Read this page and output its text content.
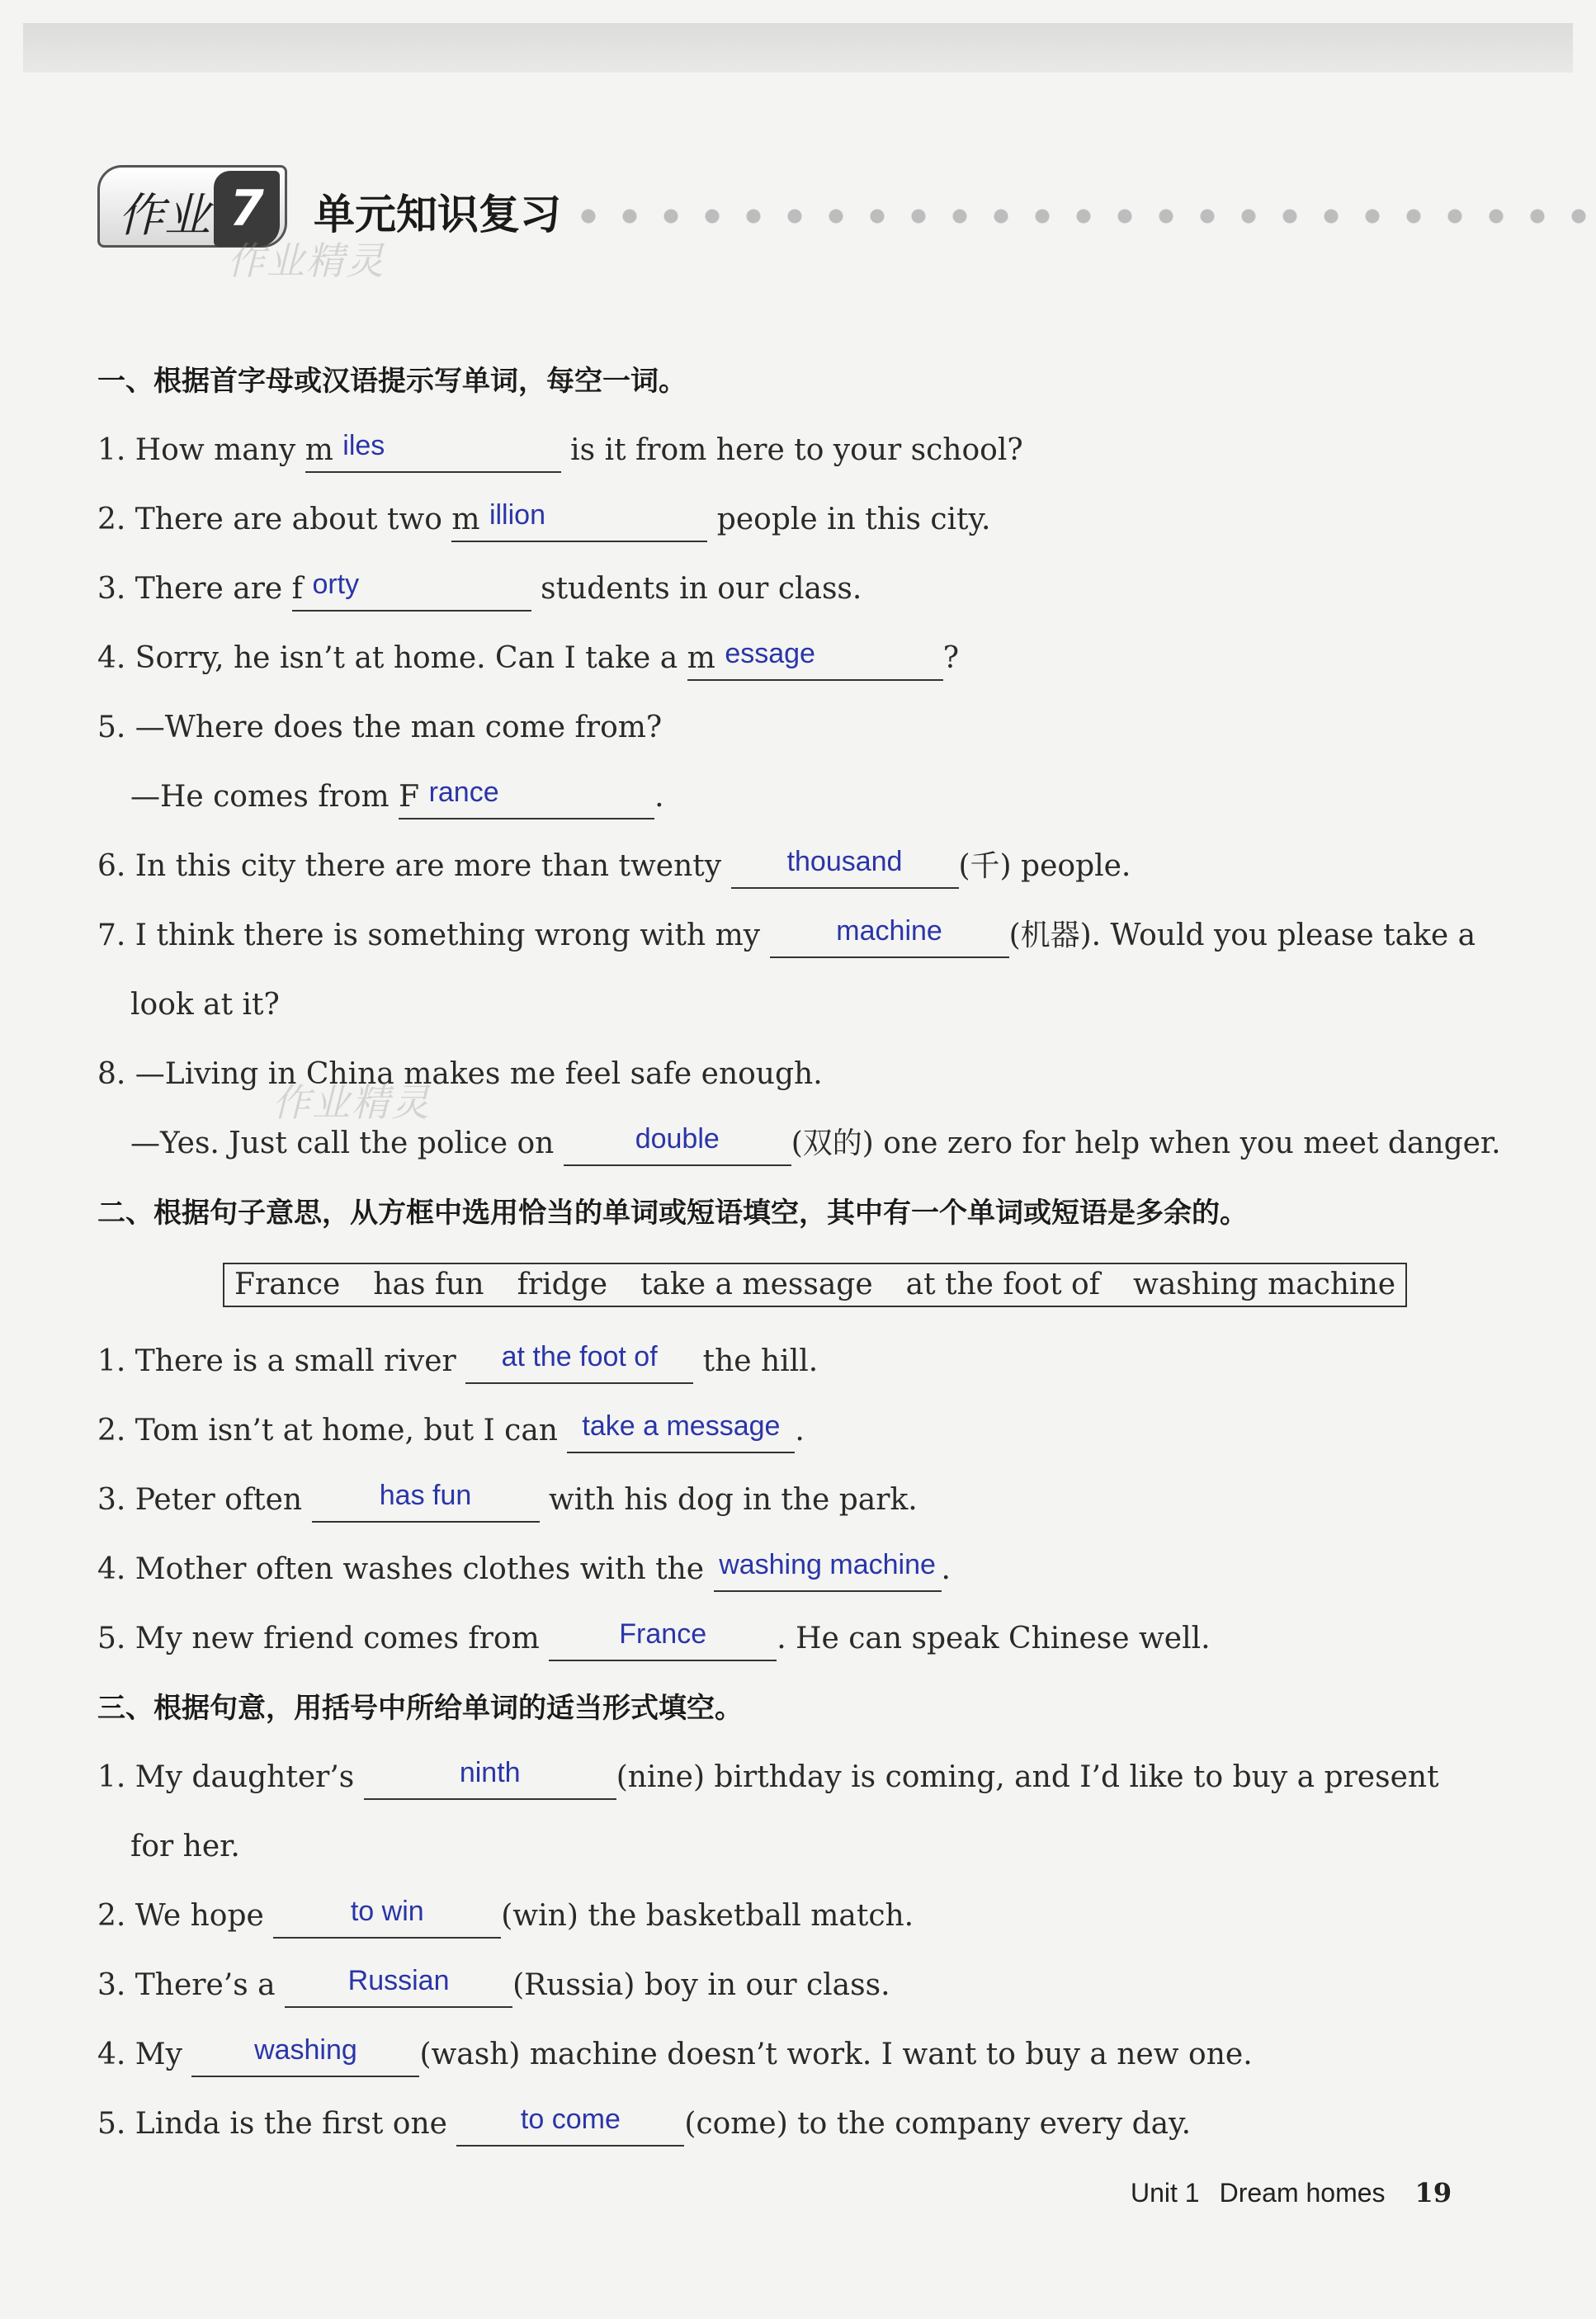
作业 7	单元知识复习
作业精灵
作业精灵
一、根据首字母或汉语提示写单词，每空一词。
1. How many m iles	is it from here to your school?
2. There are about two m illion	people in this city.
3. There are f orty	students in our class.
4. Sorry, he isn’t at home. Can I take a m essage	?
5. —Where does the man come from?
—He comes from F rance	.
6. In this city there are more than twenty thousand (千) people.
7. I think there is something wrong with my machine (机器). Would you please take a
look at it?
8. —Living in China makes me feel safe enough.
—Yes. Just call the police on	double (双的) one zero for help when you meet danger.
二、根据句子意思，从方框中选用恰当的单词或短语填空，其中有一个单词或短语是多余的。
France has fun fridge take a message at the foot of washing machine
1. There is a small river at the foot of the hill.
2. Tom isn’t at home, but I can take a message .
3. Peter often has fun with his dog in the park.
4. Mother often washes clothes with the washing machine .
5. My new friend comes from	France . He can speak Chinese well.
三、根据句意，用括号中所给单词的适当形式填空。
1. My daughter’s	ninth	(nine) birthday is coming, and I’d like to buy a present
for her.
2. We hope	to win	(win) the basketball match.
3. There’s a Russian (Russia) boy in our class.
4. My washing (wash) machine doesn’t work. I want to buy a new one.
5. Linda is the first one to come (come) to the company every day.
Unit 1 Dream homes 19
